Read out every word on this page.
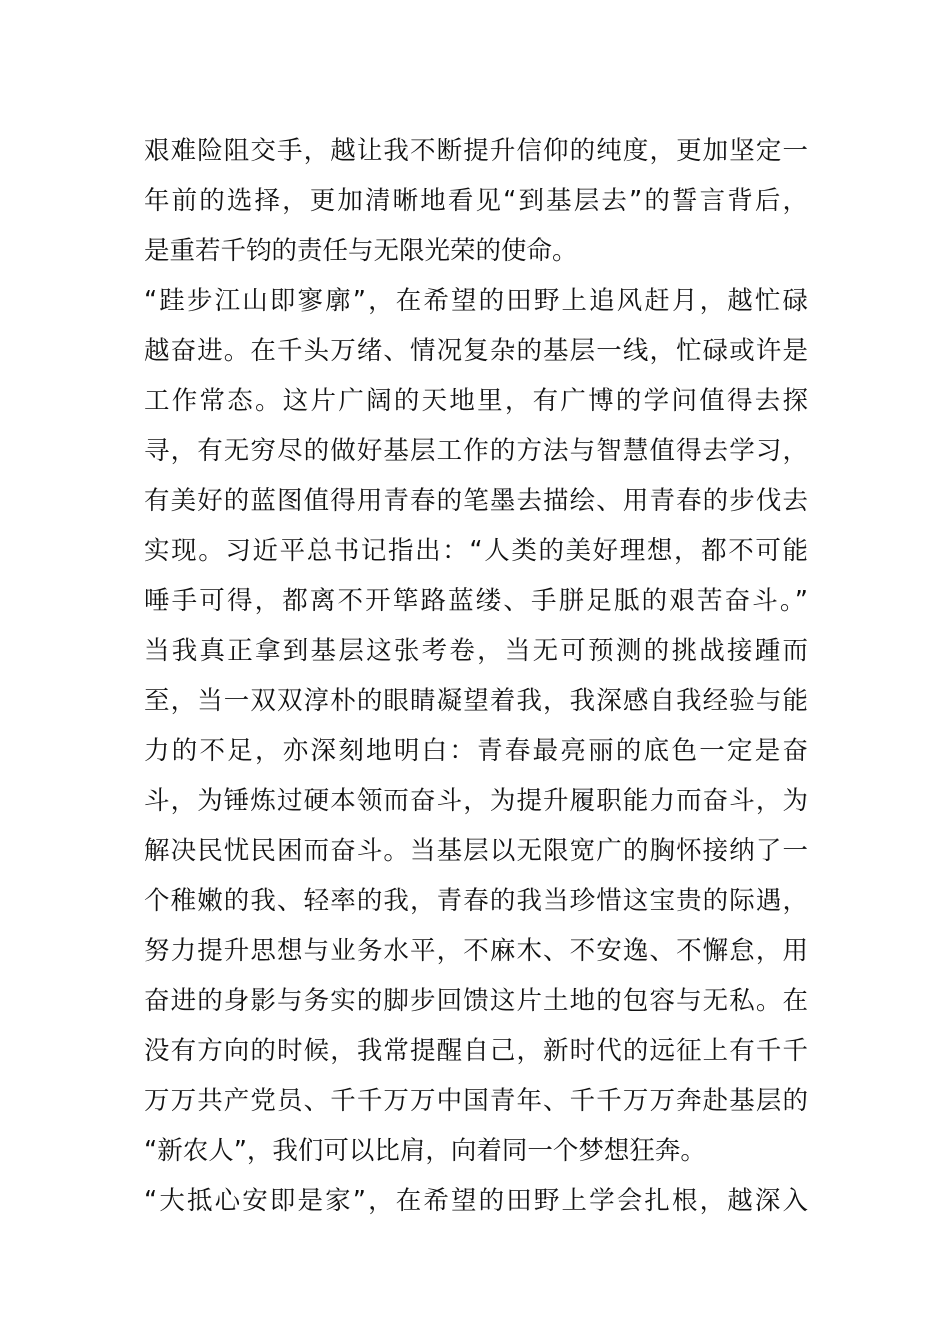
艰难险阻交手，越让我不断提升信仰的纯度，更加坚定一
年前的选择，更加清晰地看见“到基层去”的誓言背后，
是重若千钧的责任与无限光荣的使命。
“跬步江山即寥廓”，在希望的田野上追风赶月，越忙碌
越奋进。在千头万绪、情况复杂的基层一线，忙碌或许是
工作常态。这片广阔的天地里，有广博的学问值得去探
寻，有无穷尽的做好基层工作的方法与智慧值得去学习，
有美好的蓝图值得用青春的笔墨去描绘、用青春的步伐去
实现。习近平总书记指出：“人类的美好理想，都不可能
唾手可得，都离不开筚路蓝缕、手胼足胝的艰苦奋斗。”
当我真正拿到基层这张考卷，当无可预测的挑战接踵而
至，当一双双淳朴的眼睛凝望着我，我深感自我经验与能
力的不足，亦深刻地明白：青春最亮丽的底色一定是奋
斗，为锤炼过硬本领而奋斗，为提升履职能力而奋斗，为
解决民忧民困而奋斗。当基层以无限宽广的胸怀接纳了一
个稚嫩的我、轻率的我，青春的我当珍惜这宝贵的际遇，
努力提升思想与业务水平，不麻木、不安逸、不懈怠，用
奋进的身影与务实的脚步回馈这片土地的包容与无私。在
没有方向的时候，我常提醒自己，新时代的远征上有千千
万万共产党员、千千万万中国青年、千千万万奔赴基层的
“新农人”，我们可以比肩，向着同一个梦想狂奔。
“大抵心安即是家”，在希望的田野上学会扎根，越深入
